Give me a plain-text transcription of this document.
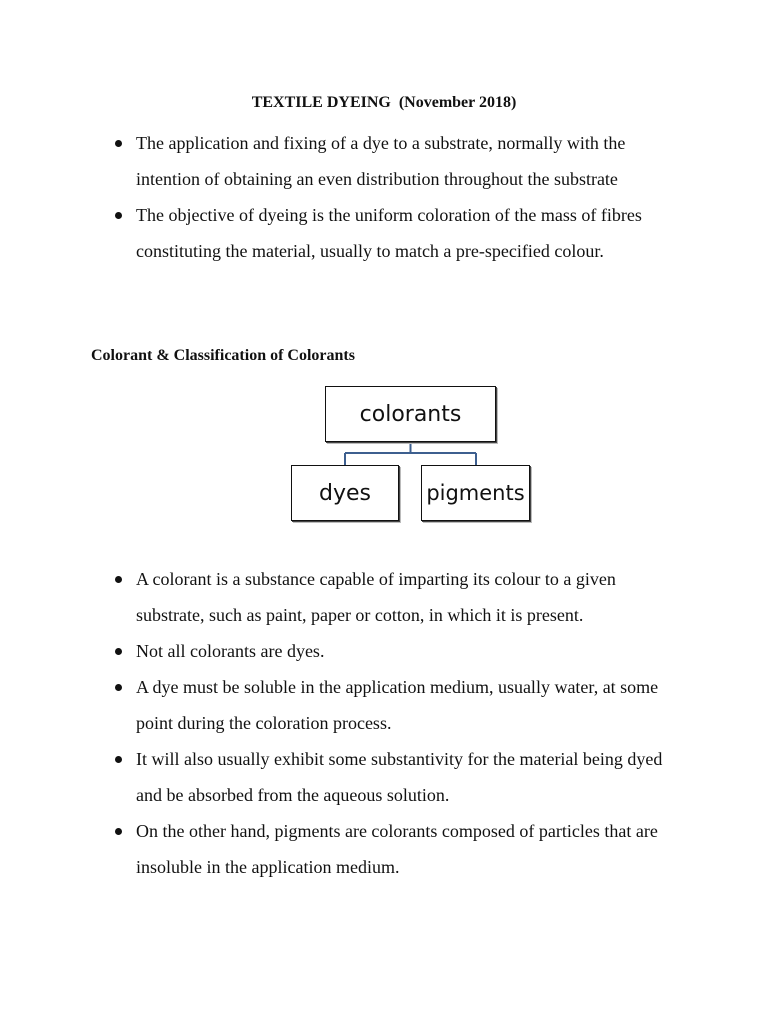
TEXTILE DYEING  (November 2018)
The application and fixing of a dye to a substrate, normally with the intention of obtaining an even distribution throughout the substrate
The objective of dyeing is the uniform coloration of the mass of fibres constituting the material, usually to match a pre-specified colour.
Colorant & Classification of Colorants
colorants
dyes	pigments
A colorant is a substance capable of imparting its colour to a given substrate, such as paint, paper or cotton, in which it is present.
Not all colorants are dyes.
A dye must be soluble in the application medium, usually water, at some point during the coloration process.
It will also usually exhibit some substantivity for the material being dyed and be absorbed from the aqueous solution.
On the other hand, pigments are colorants composed of particles that are insoluble in the application medium.
